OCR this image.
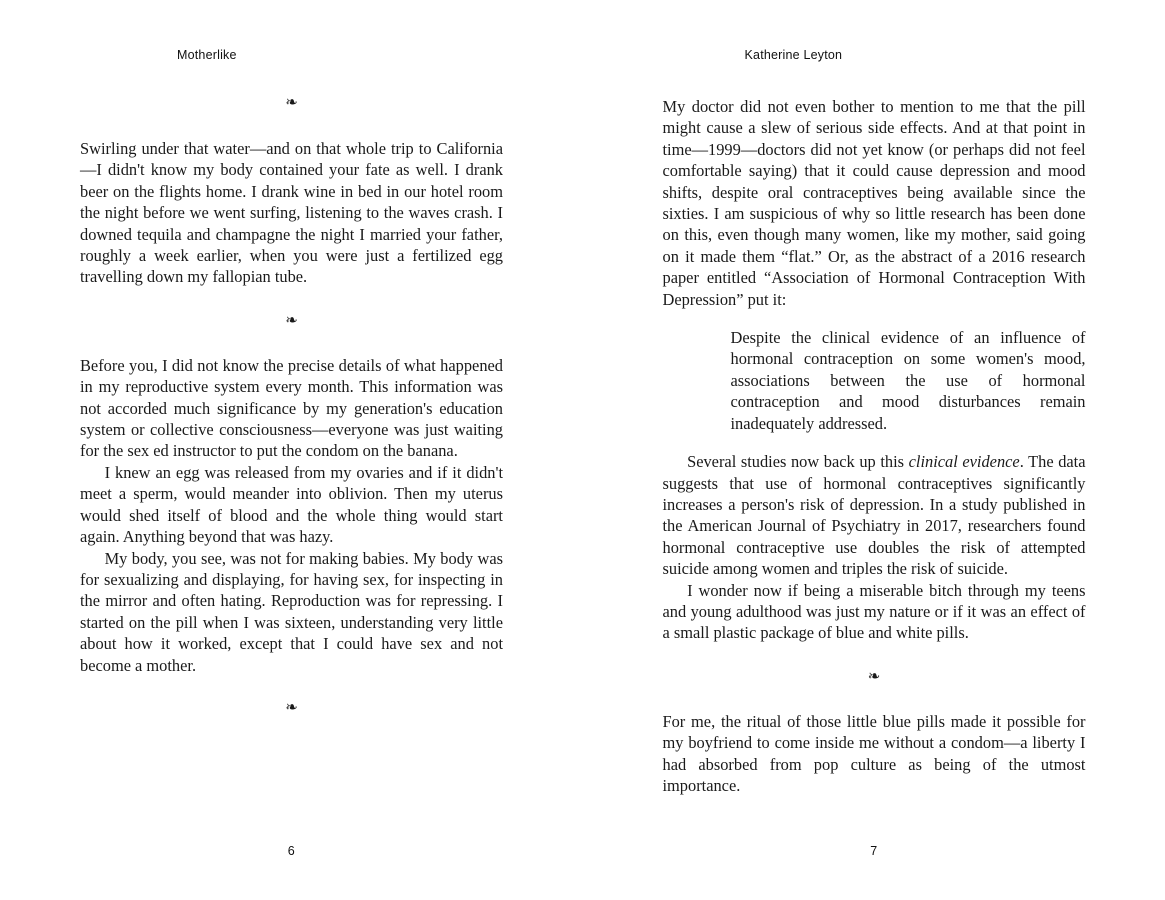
Motherlike
❧

Swirling under that water—and on that whole trip to California—I didn't know my body contained your fate as well. I drank beer on the flights home. I drank wine in bed in our hotel room the night before we went surfing, listening to the waves crash. I downed tequila and champagne the night I married your father, roughly a week earlier, when you were just a fertilized egg travelling down my fallopian tube.

❧

Before you, I did not know the precise details of what happened in my reproductive system every month. This information was not accorded much significance by my generation's education system or collective consciousness—everyone was just waiting for the sex ed instructor to put the condom on the banana.

I knew an egg was released from my ovaries and if it didn't meet a sperm, would meander into oblivion. Then my uterus would shed itself of blood and the whole thing would start again. Anything beyond that was hazy.

My body, you see, was not for making babies. My body was for sexualizing and displaying, for having sex, for inspecting in the mirror and often hating. Reproduction was for repressing. I started on the pill when I was sixteen, understanding very little about how it worked, except that I could have sex and not become a mother.

❧
6
Katherine Leyton

My doctor did not even bother to mention to me that the pill might cause a slew of serious side effects. And at that point in time—1999—doctors did not yet know (or perhaps did not feel comfortable saying) that it could cause depression and mood shifts, despite oral contraceptives being available since the sixties. I am suspicious of why so little research has been done on this, even though many women, like my mother, said going on it made them “flat.” Or, as the abstract of a 2016 research paper entitled “Association of Hormonal Contraception With Depression” put it:

Despite the clinical evidence of an influence of hormonal contraception on some women's mood, associations between the use of hormonal contraception and mood disturbances remain inadequately addressed.

Several studies now back up this clinical evidence. The data suggests that use of hormonal contraceptives significantly increases a person's risk of depression. In a study published in the American Journal of Psychiatry in 2017, researchers found hormonal contraceptive use doubles the risk of attempted suicide among women and triples the risk of suicide.

I wonder now if being a miserable bitch through my teens and young adulthood was just my nature or if it was an effect of a small plastic package of blue and white pills.

❧

For me, the ritual of those little blue pills made it possible for my boyfriend to come inside me without a condom—a liberty I had absorbed from pop culture as being of the utmost importance.

7
